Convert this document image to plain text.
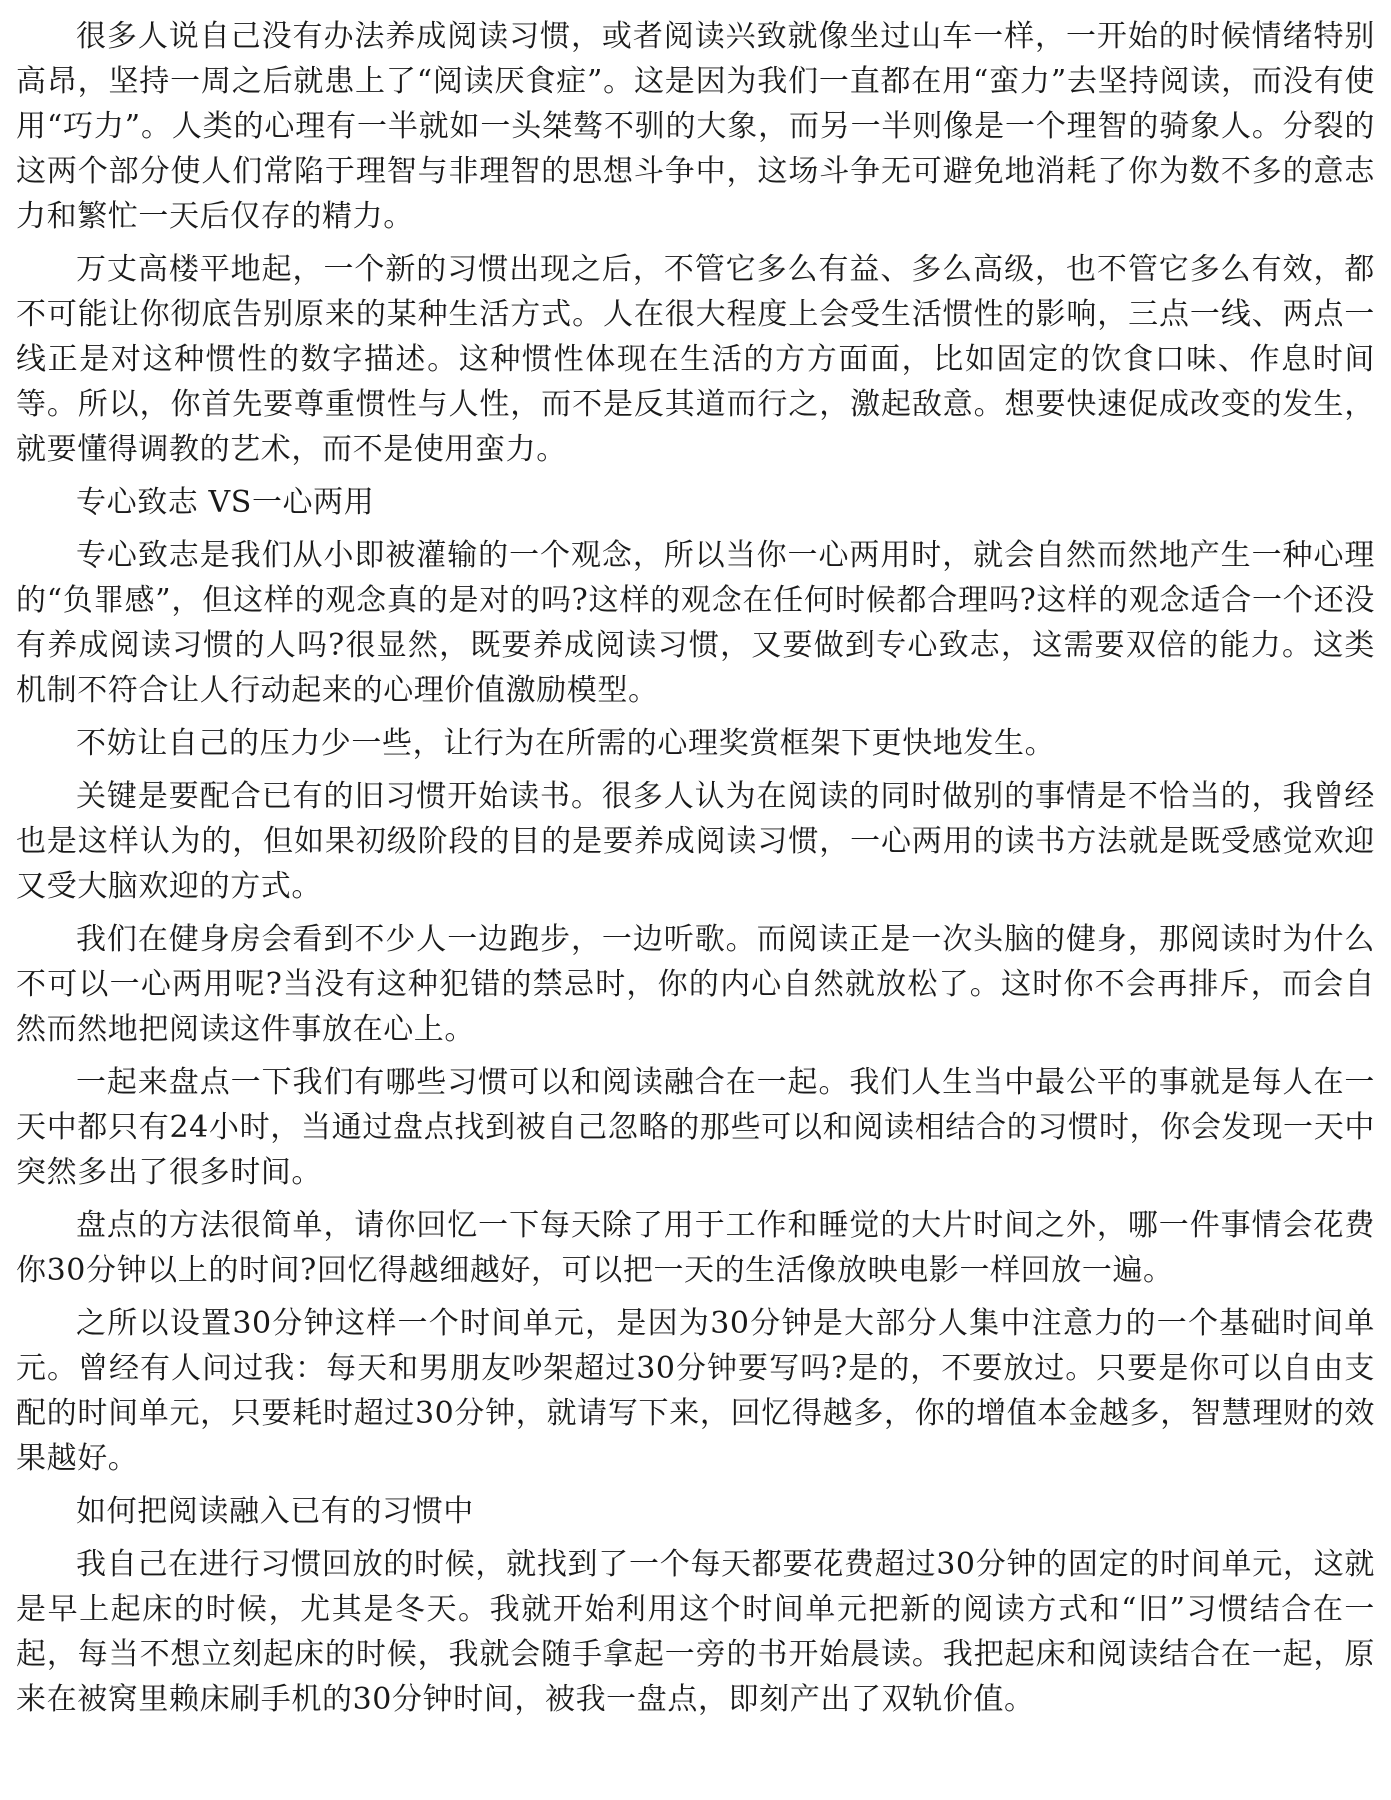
很多人说自己没有办法养成阅读习惯，或者阅读兴致就像坐过山车一样，一开始的时候情绪特别高昂，坚持一周之后就患上了“阅读厌食症”。这是因为我们一直都在用“蛮力”去坚持阅读，而没有使用“巧力”。人类的心理有一半就如一头桀骜不驯的大象，而另一半则像是一个理智的骑象人。分裂的这两个部分使人们常陷于理智与非理智的思想斗争中，这场斗争无可避免地消耗了你为数不多的意志力和繁忙一天后仅存的精力。

万丈高楼平地起，一个新的习惯出现之后，不管它多么有益、多么高级，也不管它多么有效，都不可能让你彻底告别原来的某种生活方式。人在很大程度上会受生活惯性的影响，三点一线、两点一线正是对这种惯性的数字描述。这种惯性体现在生活的方方面面，比如固定的饮食口味、作息时间等。所以，你首先要尊重惯性与人性，而不是反其道而行之，激起敌意。想要快速促成改变的发生，就要懂得调教的艺术，而不是使用蛮力。

专心致志 VS一心两用

专心致志是我们从小即被灌输的一个观念，所以当你一心两用时，就会自然而然地产生一种心理的“负罪感”，但这样的观念真的是对的吗?这样的观念在任何时候都合理吗?这样的观念适合一个还没有养成阅读习惯的人吗?很显然，既要养成阅读习惯，又要做到专心致志，这需要双倍的能力。这类机制不符合让人行动起来的心理价值激励模型。

不妨让自己的压力少一些，让行为在所需的心理奖赏框架下更快地发生。

关键是要配合已有的旧习惯开始读书。很多人认为在阅读的同时做别的事情是不恰当的，我曾经也是这样认为的，但如果初级阶段的目的是要养成阅读习惯，一心两用的读书方法就是既受感觉欢迎又受大脑欢迎的方式。

我们在健身房会看到不少人一边跑步，一边听歌。而阅读正是一次头脑的健身，那阅读时为什么不可以一心两用呢?当没有这种犯错的禁忌时，你的内心自然就放松了。这时你不会再排斥，而会自然而然地把阅读这件事放在心上。

一起来盘点一下我们有哪些习惯可以和阅读融合在一起。我们人生当中最公平的事就是每人在一天中都只有24小时，当通过盘点找到被自己忽略的那些可以和阅读相结合的习惯时，你会发现一天中突然多出了很多时间。

盘点的方法很简单，请你回忆一下每天除了用于工作和睡觉的大片时间之外，哪一件事情会花费你30分钟以上的时间?回忆得越细越好，可以把一天的生活像放映电影一样回放一遍。

之所以设置30分钟这样一个时间单元，是因为30分钟是大部分人集中注意力的一个基础时间单元。曾经有人问过我：每天和男朋友吵架超过30分钟要写吗?是的，不要放过。只要是你可以自由支配的时间单元，只要耗时超过30分钟，就请写下来，回忆得越多，你的增值本金越多，智慧理财的效果越好。

如何把阅读融入已有的习惯中

我自己在进行习惯回放的时候，就找到了一个每天都要花费超过30分钟的固定的时间单元，这就是早上起床的时候，尤其是冬天。我就开始利用这个时间单元把新的阅读方式和“旧”习惯结合在一起，每当不想立刻起床的时候，我就会随手拿起一旁的书开始晨读。我把起床和阅读结合在一起，原来在被窝里赖床刷手机的30分钟时间，被我一盘点，即刻产出了双轨价值。
